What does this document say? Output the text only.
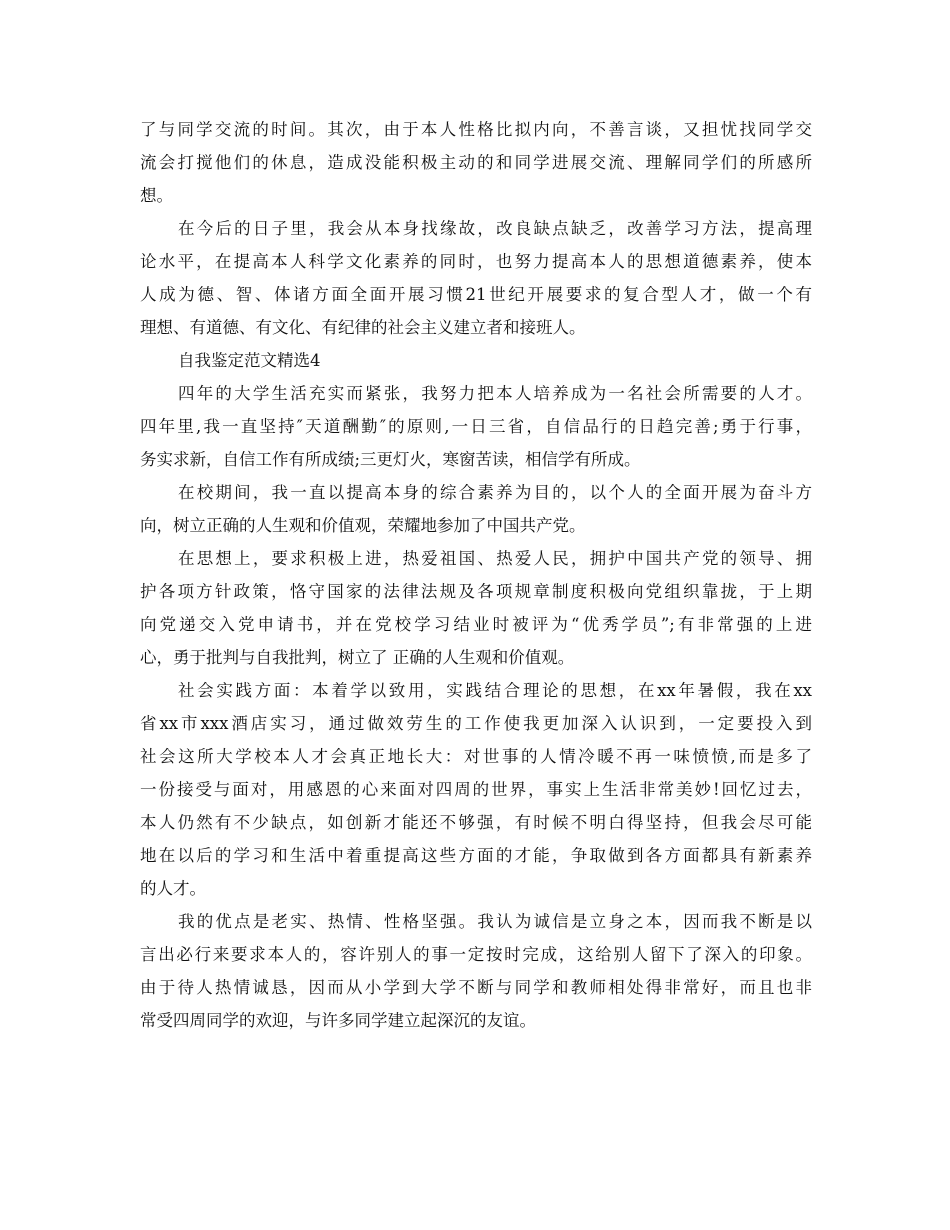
了与同学交流的时间。其次，由于本人性格比拟内向，不善言谈，又担忧找同学交
流会打搅他们的休息，造成没能积极主动的和同学进展交流、理解同学们的所感所
想。
在今后的日子里，我会从本身找缘故，改良缺点缺乏，改善学习方法，提高理
论水平，在提高本人科学文化素养的同时，也努力提高本人的思想道德素养，使本
人成为德、智、体诸方面全面开展习惯21世纪开展要求的复合型人才，做一个有
理想、有道德、有文化、有纪律的社会主义建立者和接班人。
自我鉴定范文精选4
四年的大学生活充实而紧张，我努力把本人培养成为一名社会所需要的人才。
四年里,我一直坚持″天道酬勤″的原则,一日三省，自信品行的日趋完善;勇于行事，
务实求新，自信工作有所成绩;三更灯火，寒窗苦读，相信学有所成。
在校期间，我一直以提高本身的综合素养为目的，以个人的全面开展为奋斗方
向，树立正确的人生观和价值观，荣耀地参加了中国共产党。
在思想上，要求积极上进，热爱祖国、热爱人民，拥护中国共产党的领导、拥
护各项方针政策，恪守国家的法律法规及各项规章制度积极向党组织靠拢，于上期
向党递交入党申请书，并在党校学习结业时被评为“优秀学员”;有非常强的上进
心，勇于批判与自我批判，树立了 正确的人生观和价值观。
社会实践方面：本着学以致用，实践结合理论的思想，在xx年暑假，我在xx
省xx市xxx酒店实习，通过做效劳生的工作使我更加深入认识到，一定要投入到
社会这所大学校本人才会真正地长大：对世事的人情冷暖不再一味愤愤,而是多了
一份接受与面对，用感恩的心来面对四周的世界，事实上生活非常美妙!回忆过去，
本人仍然有不少缺点，如创新才能还不够强，有时候不明白得坚持，但我会尽可能
地在以后的学习和生活中着重提高这些方面的才能，争取做到各方面都具有新素养
的人才。
我的优点是老实、热情、性格坚强。我认为诚信是立身之本，因而我不断是以
言出必行来要求本人的，容许别人的事一定按时完成，这给别人留下了深入的印象。
由于待人热情诚恳，因而从小学到大学不断与同学和教师相处得非常好，而且也非
常受四周同学的欢迎，与许多同学建立起深沉的友谊。
